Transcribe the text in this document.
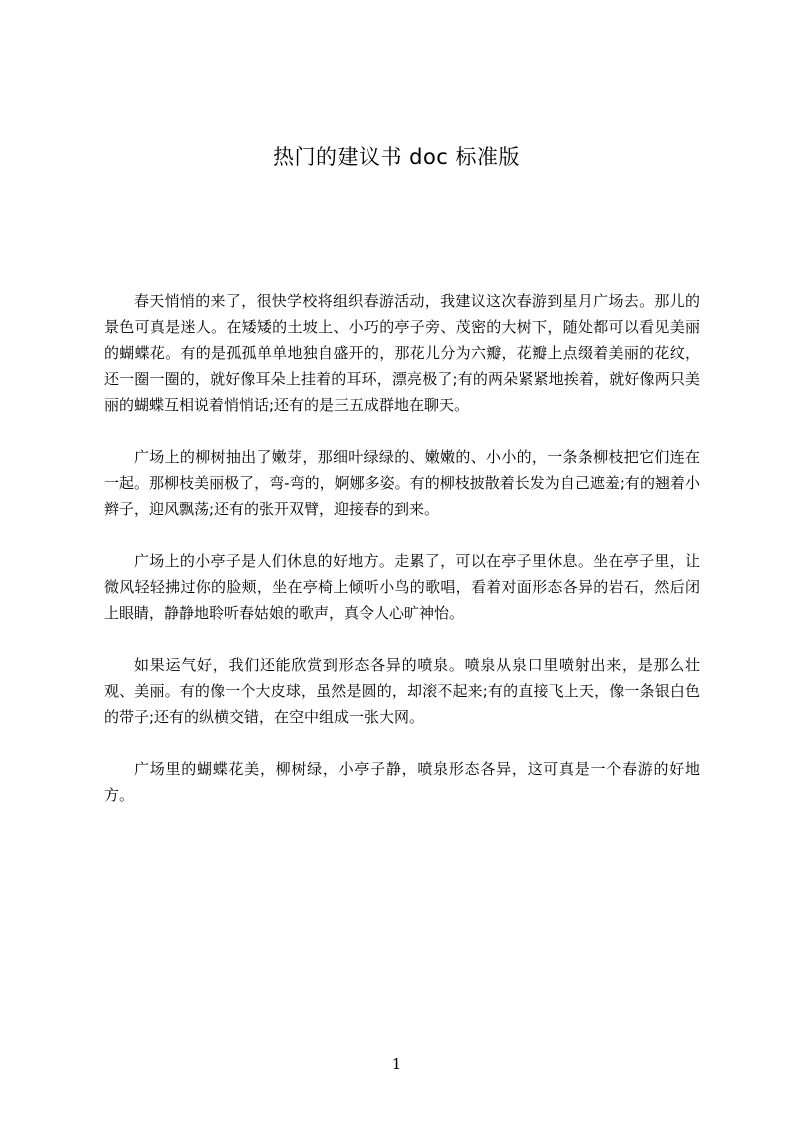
热门的建议书 doc 标准版

春天悄悄的来了，很快学校将组织春游活动，我建议这次春游到星月广场去。那儿的景色可真是迷人。在矮矮的土坡上、小巧的亭子旁、茂密的大树下，随处都可以看见美丽的蝴蝶花。有的是孤孤单单地独自盛开的，那花儿分为六瓣，花瓣上点缀着美丽的花纹，还一圈一圈的，就好像耳朵上挂着的耳环，漂亮极了;有的两朵紧紧地挨着，就好像两只美丽的蝴蝶互相说着悄悄话;还有的是三五成群地在聊天。

广场上的柳树抽出了嫩芽，那细叶绿绿的、嫩嫩的、小小的，一条条柳枝把它们连在一起。那柳枝美丽极了，弯-弯的，婀娜多姿。有的柳枝披散着长发为自己遮羞;有的翘着小辫子，迎风飘荡;还有的张开双臂，迎接春的到来。

广场上的小亭子是人们休息的好地方。走累了，可以在亭子里休息。坐在亭子里，让微风轻轻拂过你的脸颊，坐在亭椅上倾听小鸟的歌唱，看着对面形态各异的岩石，然后闭上眼睛，静静地聆听春姑娘的歌声，真令人心旷神怡。

如果运气好，我们还能欣赏到形态各异的喷泉。喷泉从泉口里喷射出来，是那么壮观、美丽。有的像一个大皮球，虽然是圆的，却滚不起来;有的直接飞上天，像一条银白色的带子;还有的纵横交错，在空中组成一张大网。

广场里的蝴蝶花美，柳树绿，小亭子静，喷泉形态各异，这可真是一个春游的好地方。

1
